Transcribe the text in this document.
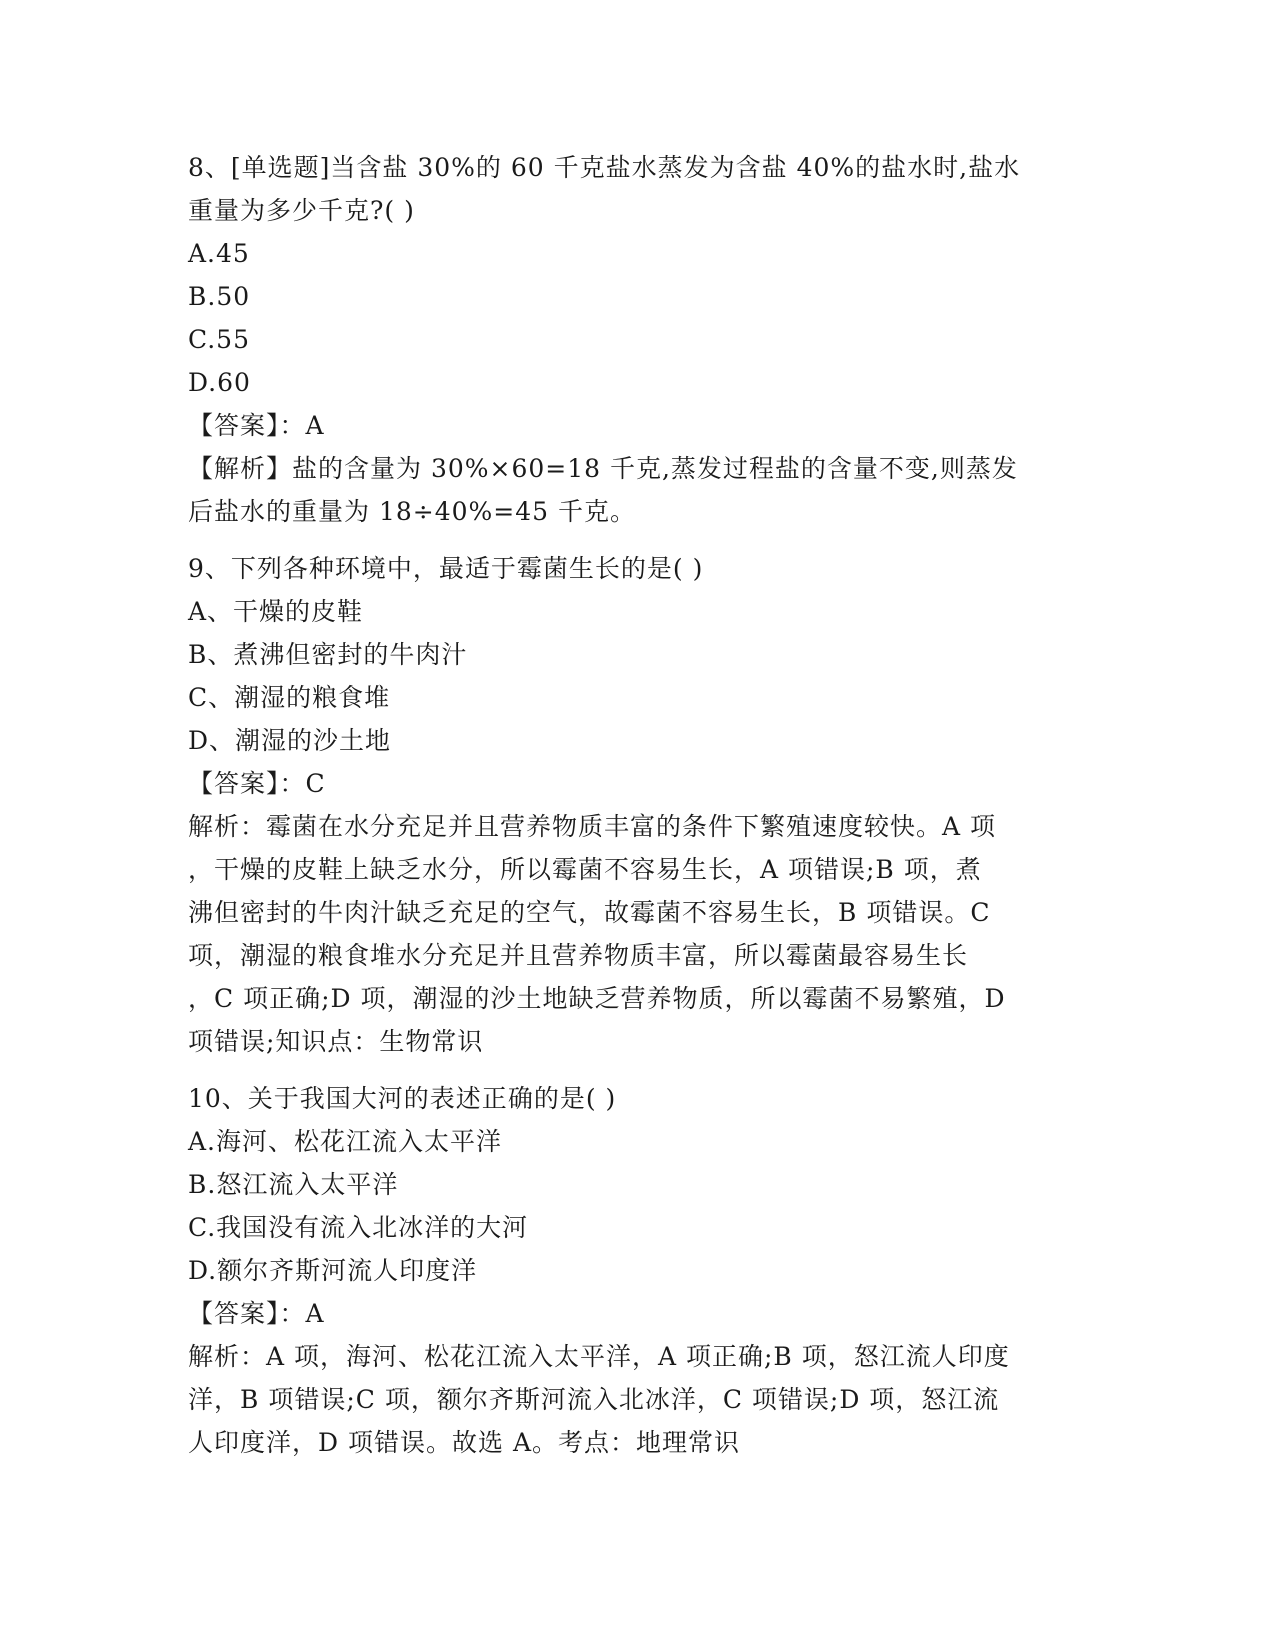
8、[单选题]当含盐 30%的 60 千克盐水蒸发为含盐 40%的盐水时,盐水
重量为多少千克?( )
A.45
B.50
C.55
D.60
【答案】：A
【解析】盐的含量为 30%×60=18 千克,蒸发过程盐的含量不变,则蒸发
后盐水的重量为 18÷40%=45 千克。
9、下列各种环境中，最适于霉菌生长的是( )
A、干燥的皮鞋
B、煮沸但密封的牛肉汁
C、潮湿的粮食堆
D、潮湿的沙土地
【答案】：C
解析：霉菌在水分充足并且营养物质丰富的条件下繁殖速度较快。A 项
，干燥的皮鞋上缺乏水分，所以霉菌不容易生长，A 项错误;B 项，煮
沸但密封的牛肉汁缺乏充足的空气，故霉菌不容易生长，B 项错误。C
项，潮湿的粮食堆水分充足并且营养物质丰富，所以霉菌最容易生长
，C 项正确;D 项，潮湿的沙土地缺乏营养物质，所以霉菌不易繁殖，D
项错误;知识点：生物常识
10、关于我国大河的表述正确的是( )
A.海河、松花江流入太平洋
B.怒江流入太平洋
C.我国没有流入北冰洋的大河
D.额尔齐斯河流人印度洋
【答案】：A
解析：A 项，海河、松花江流入太平洋，A 项正确;B 项，怒江流人印度
洋，B 项错误;C 项，额尔齐斯河流入北冰洋，C 项错误;D 项，怒江流
人印度洋，D 项错误。故选 A。考点：地理常识
